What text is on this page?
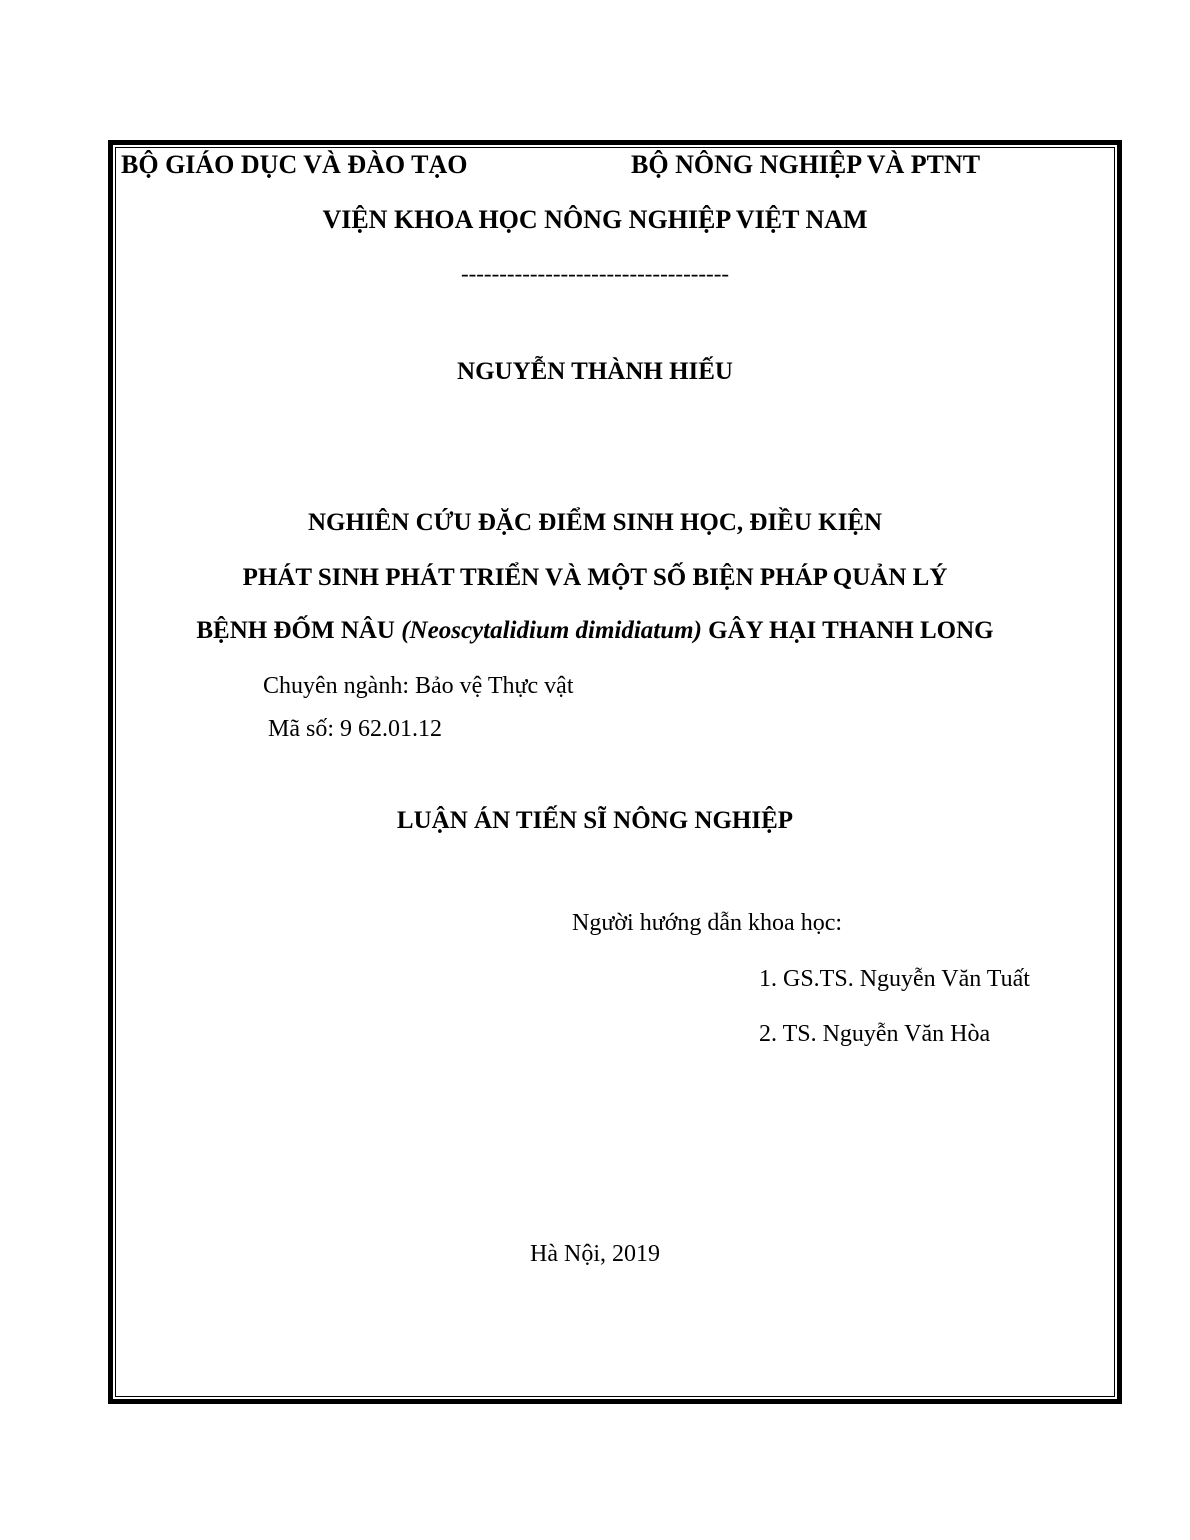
BỘ GIÁO DỤC VÀ ĐÀO TẠO	BỘ NÔNG NGHIỆP VÀ PTNT
VIỆN KHOA HỌC NÔNG NGHIỆP VIỆT NAM
-----------------------------------
NGUYỄN THÀNH HIẾU
NGHIÊN CỨU ĐẶC ĐIỂM SINH HỌC, ĐIỀU KIỆN
PHÁT SINH PHÁT TRIỂN VÀ MỘT SỐ BIỆN PHÁP QUẢN LÝ
BỆNH ĐỐM NÂU (Neoscytalidium dimidiatum) GÂY HẠI THANH LONG
Chuyên ngành: Bảo vệ Thực vật
Mã số: 9 62.01.12
LUẬN ÁN TIẾN SĨ NÔNG NGHIỆP
Người hướng dẫn khoa học:
1. GS.TS. Nguyễn Văn Tuất
2. TS. Nguyễn Văn Hòa
Hà Nội, 2019
